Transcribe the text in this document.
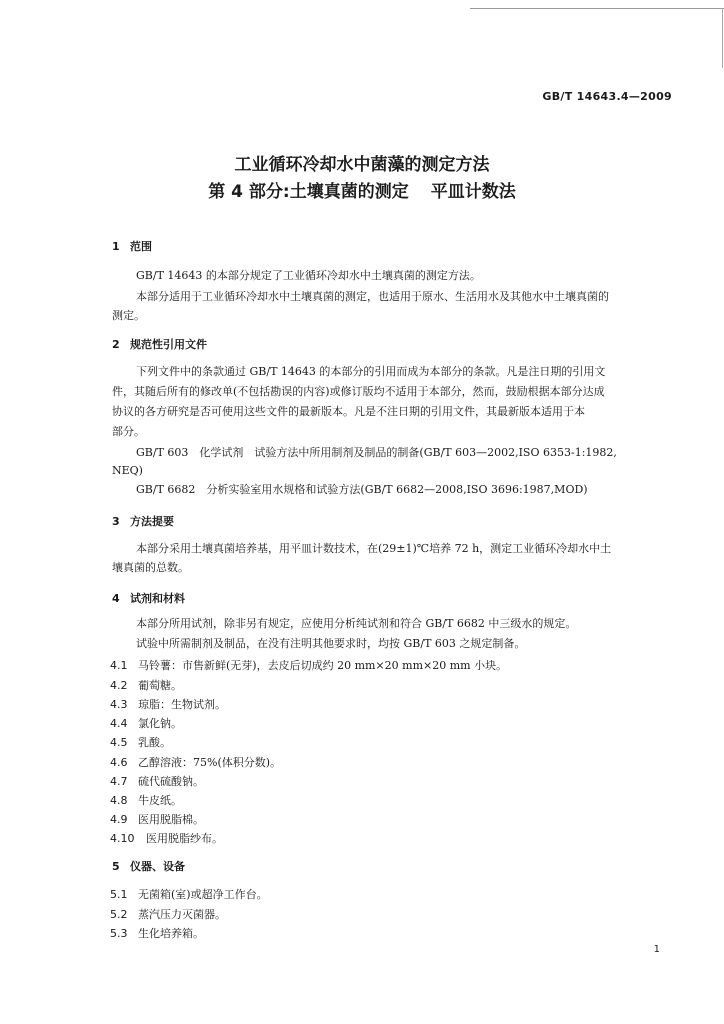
GB/T 14643.4—2009
工业循环冷却水中菌藻的测定方法
第 4 部分:土壤真菌的测定 平皿计数法
1 范围
GB/T 14643 的本部分规定了工业循环冷却水中土壤真菌的测定方法。
本部分适用于工业循环冷却水中土壤真菌的测定，也适用于原水、生活用水及其他水中土壤真菌的
测定。
2 规范性引用文件
下列文件中的条款通过 GB/T 14643 的本部分的引用而成为本部分的条款。凡是注日期的引用文
件，其随后所有的修改单(不包括勘误的内容)或修订版均不适用于本部分，然而，鼓励根据本部分达成
协议的各方研究是否可使用这些文件的最新版本。凡是不注日期的引用文件，其最新版本适用于本
部分。
GB/T 603　化学试剂　试验方法中所用制剂及制品的制备(GB/T 603—2002,ISO 6353-1:1982,
NEQ)
GB/T 6682　分析实验室用水规格和试验方法(GB/T 6682—2008,ISO 3696:1987,MOD)
3 方法提要
本部分采用土壤真菌培养基，用平皿计数技术，在(29±1)℃培养 72 h，测定工业循环冷却水中土
壤真菌的总数。
4 试剂和材料
本部分所用试剂，除非另有规定，应使用分析纯试剂和符合 GB/T 6682 中三级水的规定。
试验中所需制剂及制品，在没有注明其他要求时，均按 GB/T 603 之规定制备。
4.1 马铃薯：市售新鲜(无芽)，去皮后切成约 20 mm×20 mm×20 mm 小块。
4.2 葡萄糖。
4.3 琼脂：生物试剂。
4.4 氯化钠。
4.5 乳酸。
4.6 乙醇溶液：75%(体积分数)。
4.7 硫代硫酸钠。
4.8 牛皮纸。
4.9 医用脱脂棉。
4.10 医用脱脂纱布。
5 仪器、设备
5.1 无菌箱(室)或超净工作台。
5.2 蒸汽压力灭菌器。
5.3 生化培养箱。
1
